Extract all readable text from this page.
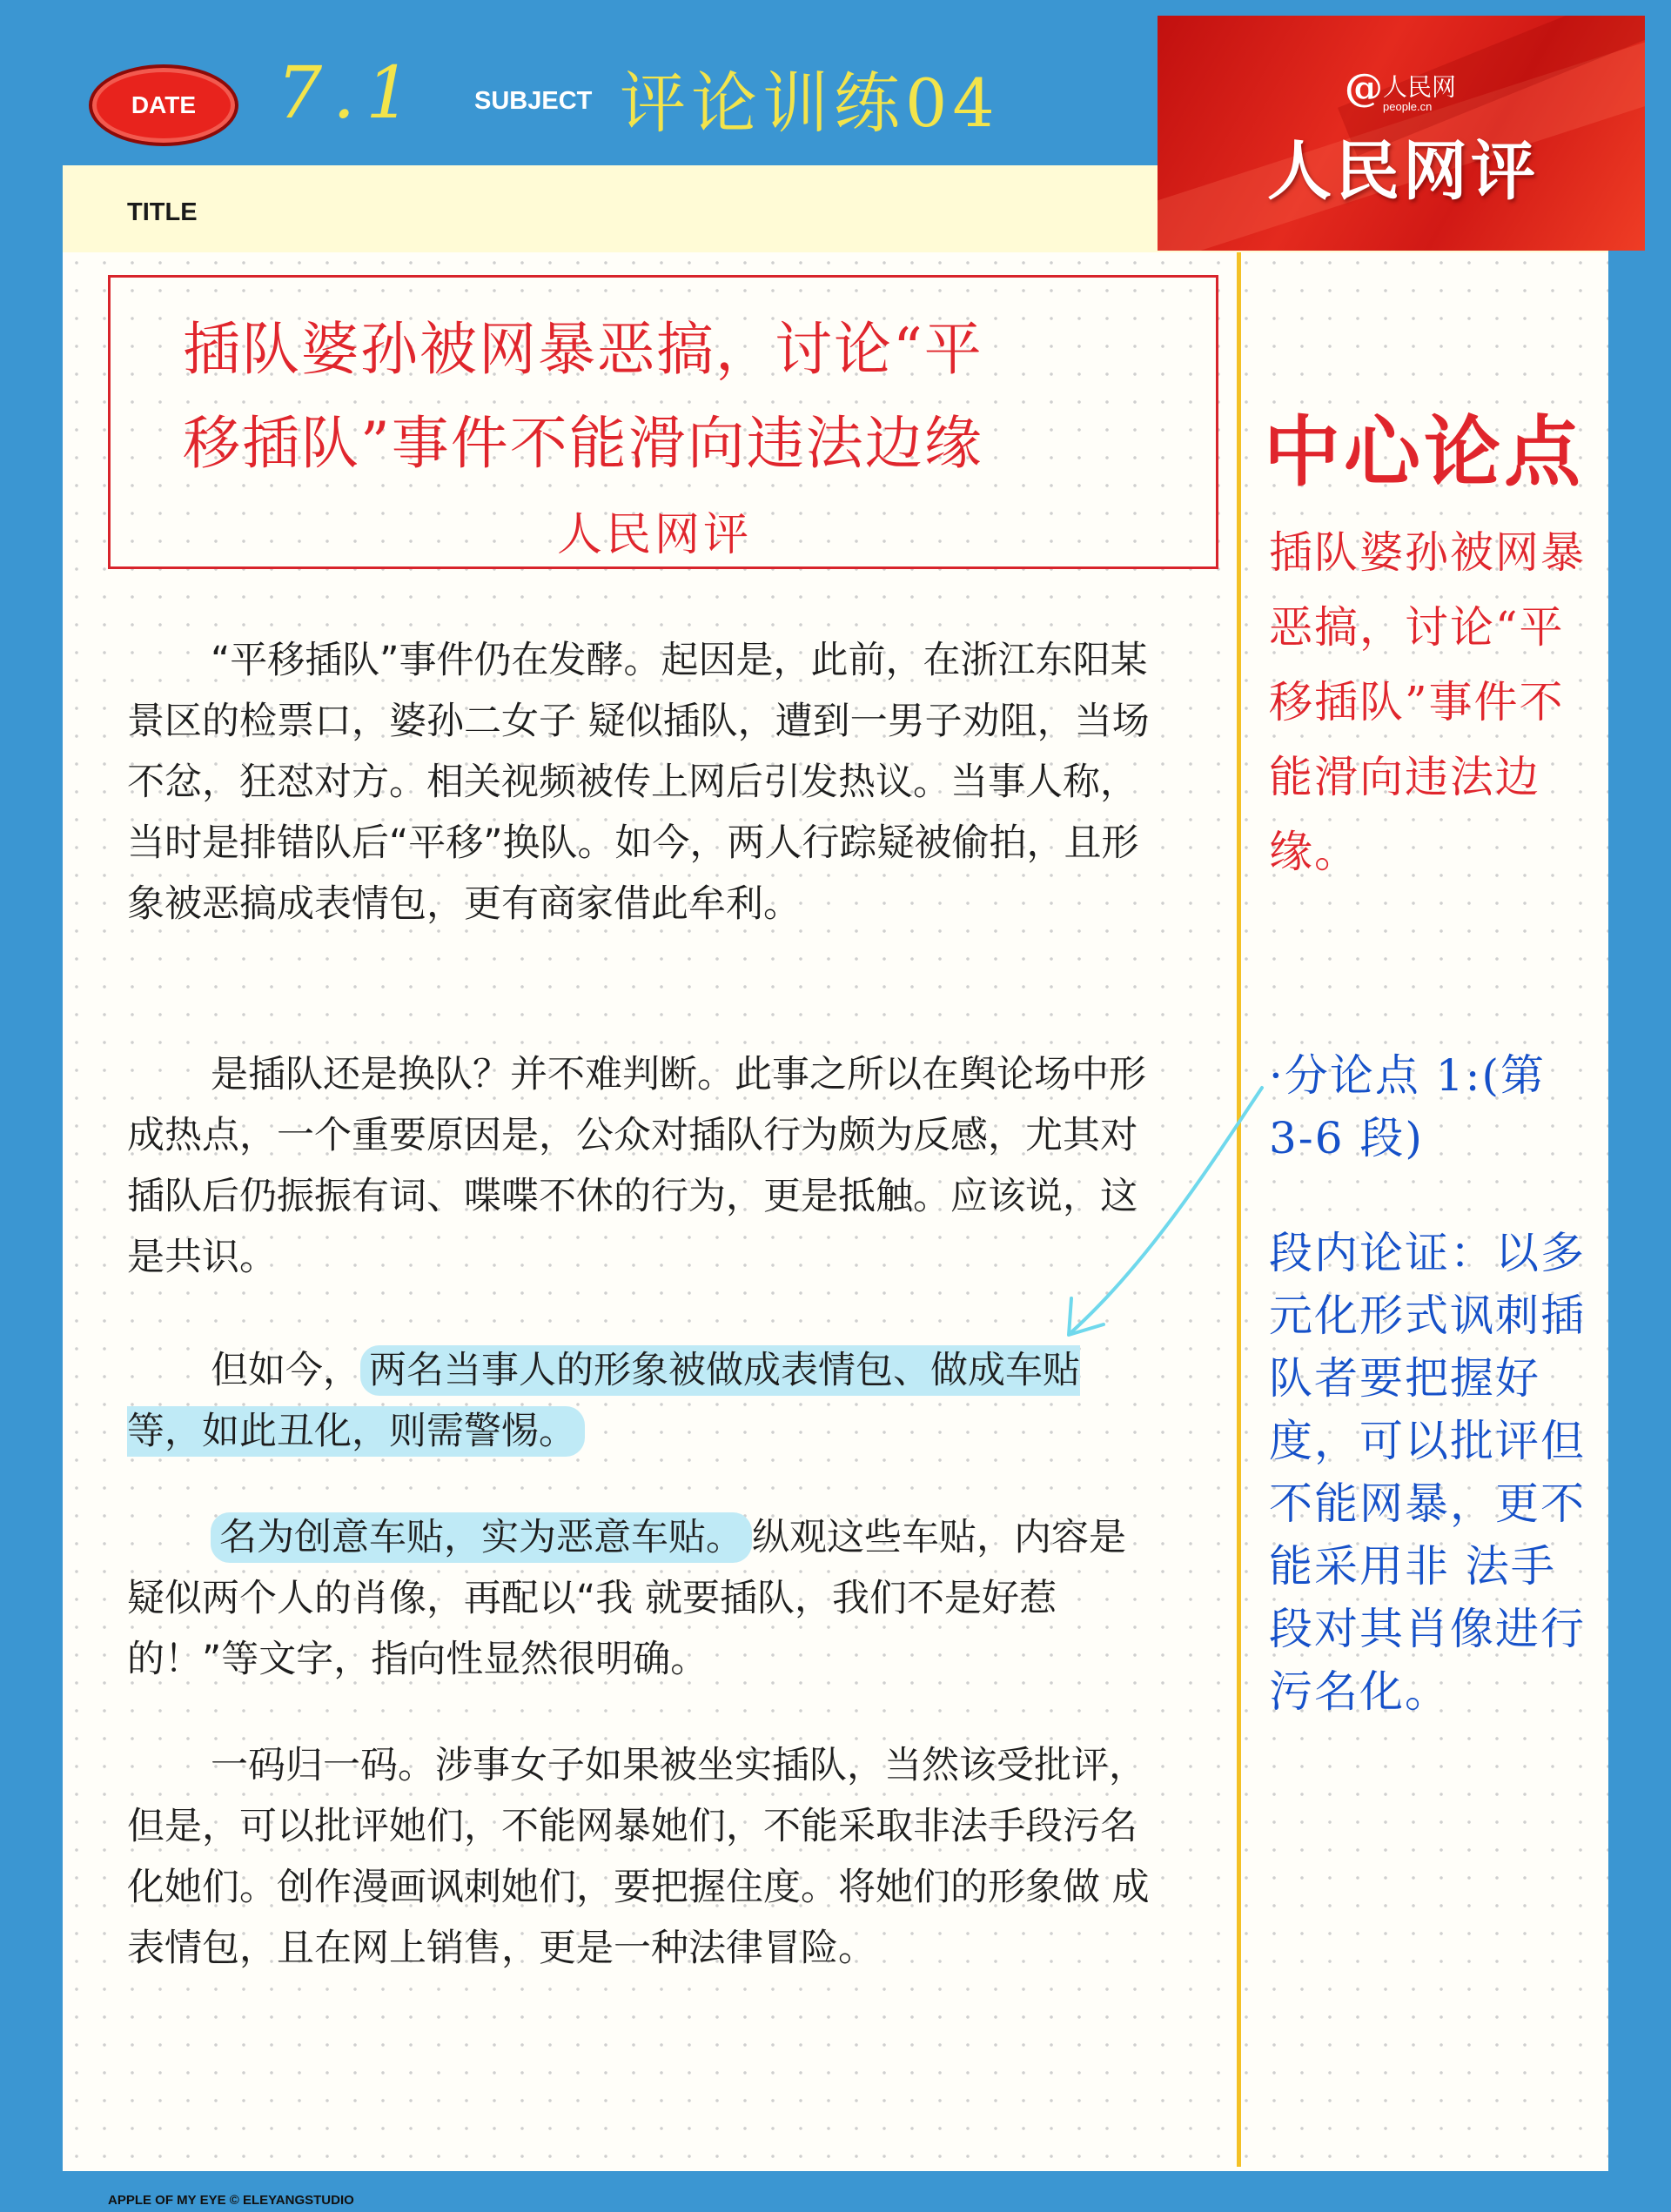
DATE 7.1 SUBJECT 评论训练04
TITLE
@人民网
people.cn
人民网评
插队婆孙被网暴恶搞，讨论“平
移插队”事件不能滑向违法边缘
人民网评

“平移插队”事件仍在发酵。起因是，此前，在浙江东阳某景区的检票口，婆孙二女子 疑似插队，遭到一男子劝阻，当场不忿，狂怼对方。相关视频被传上网后引发热议。当事人称，当时是排错队后“平移”换队。如今，两人行踪疑被偷拍，且形象被恶搞成表情包，更有商家借此牟利。

是插队还是换队？并不难判断。此事之所以在舆论场中形成热点，一个重要原因是，公众对插队行为颇为反感，尤其对插队后仍振振有词、喋喋不休的行为，更是抵触。应该说，这是共识。

但如今， 两名当事人的形象被做成表情包、做成车贴等，如此丑化，则需警惕。

名为创意车贴，实为恶意车贴。 纵观这些车贴，内容是疑似两个人的肖像，再配以“我 就要插队，我们不是好惹的！”等文字，指向性显然很明确。

一码归一码。涉事女子如果被坐实插队，当然该受批评，但是，可以批评她们，不能网暴她们，不能采取非法手段污名化她们。创作漫画讽刺她们，要把握住度。将她们的形象做 成表情包，且在网上销售，更是一种法律冒险。

中心论点

插队婆孙被网暴恶搞，讨论“平移插队”事件不能滑向违法边缘。

·分论点 1:(第 3-6 段)

段内论证：以多元化形式讽刺插队者要把握好度，可以批评但不能网暴，更不能采用非 法手段对其肖像进行污名化。

APPLE OF MY EYE © ELEYANGSTUDIO
